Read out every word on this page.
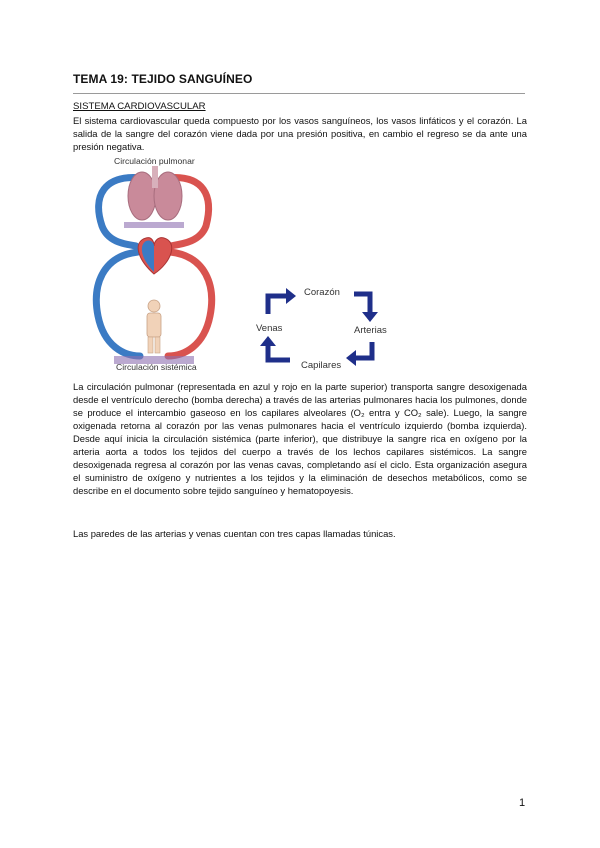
TEMA 19: TEJIDO SANGUÍNEO
SISTEMA CARDIOVASCULAR

El sistema cardiovascular queda compuesto por los vasos sanguíneos, los vasos linfáticos y el corazón. La salida de la sangre del corazón viene dada por una presión positiva, en cambio el regreso se da ante una presión negativa.

Circulación pulmonar
Circulación sistémica
Corazón
Arterias
Capilares
Venas

La circulación pulmonar (representada en azul y rojo en la parte superior) transporta sangre desoxigenada desde el ventrículo derecho (bomba derecha) a través de las arterias pulmonares hacia los pulmones, donde se produce el intercambio gaseoso en los capilares alveolares (O₂ entra y CO₂ sale). Luego, la sangre oxigenada retorna al corazón por las venas pulmonares hacia el ventrículo izquierdo (bomba izquierda). Desde aquí inicia la circulación sistémica (parte inferior), que distribuye la sangre rica en oxígeno por la arteria aorta a todos los tejidos del cuerpo a través de los lechos capilares sistémicos. La sangre desoxigenada regresa al corazón por las venas cavas, completando así el ciclo. Esta organización asegura el suministro de oxígeno y nutrientes a los tejidos y la eliminación de desechos metabólicos, como se describe en el documento sobre tejido sanguíneo y hematopoyesis.

Las paredes de las arterias y venas cuentan con tres capas llamadas túnicas.

1
